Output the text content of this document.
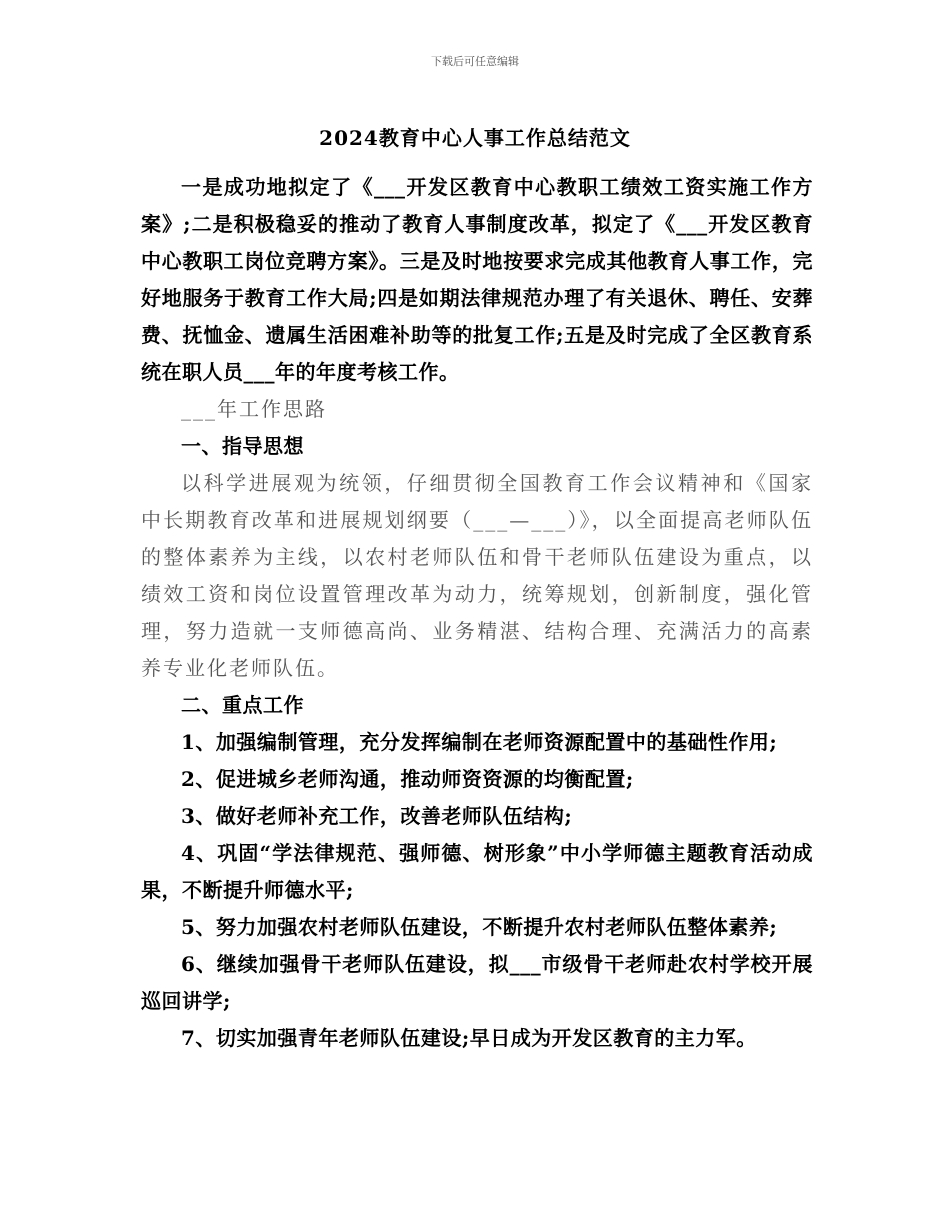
下载后可任意编辑
2024教育中心人事工作总结范文

一是成功地拟定了《___开发区教育中心教职工绩效工资实施工作方案》;二是积极稳妥的推动了教育人事制度改革，拟定了《___开发区教育中心教职工岗位竞聘方案》。三是及时地按要求完成其他教育人事工作，完好地服务于教育工作大局;四是如期法律规范办理了有关退休、聘任、安葬费、抚恤金、遗属生活困难补助等的批复工作;五是及时完成了全区教育系统在职人员___年的年度考核工作。

___年工作思路

一、指导思想

以科学进展观为统领，仔细贯彻全国教育工作会议精神和《国家中长期教育改革和进展规划纲要（___—___）》，以全面提高老师队伍的整体素养为主线，以农村老师队伍和骨干老师队伍建设为重点，以绩效工资和岗位设置管理改革为动力，统筹规划，创新制度，强化管理，努力造就一支师德高尚、业务精湛、结构合理、充满活力的高素养专业化老师队伍。

二、重点工作

1、加强编制管理，充分发挥编制在老师资源配置中的基础性作用;

2、促进城乡老师沟通，推动师资资源的均衡配置;

3、做好老师补充工作，改善老师队伍结构;

4、巩固“学法律规范、强师德、树形象”中小学师德主题教育活动成果，不断提升师德水平;

5、努力加强农村老师队伍建设，不断提升农村老师队伍整体素养;

6、继续加强骨干老师队伍建设，拟___市级骨干老师赴农村学校开展巡回讲学;

7、切实加强青年老师队伍建设;早日成为开发区教育的主力军。
